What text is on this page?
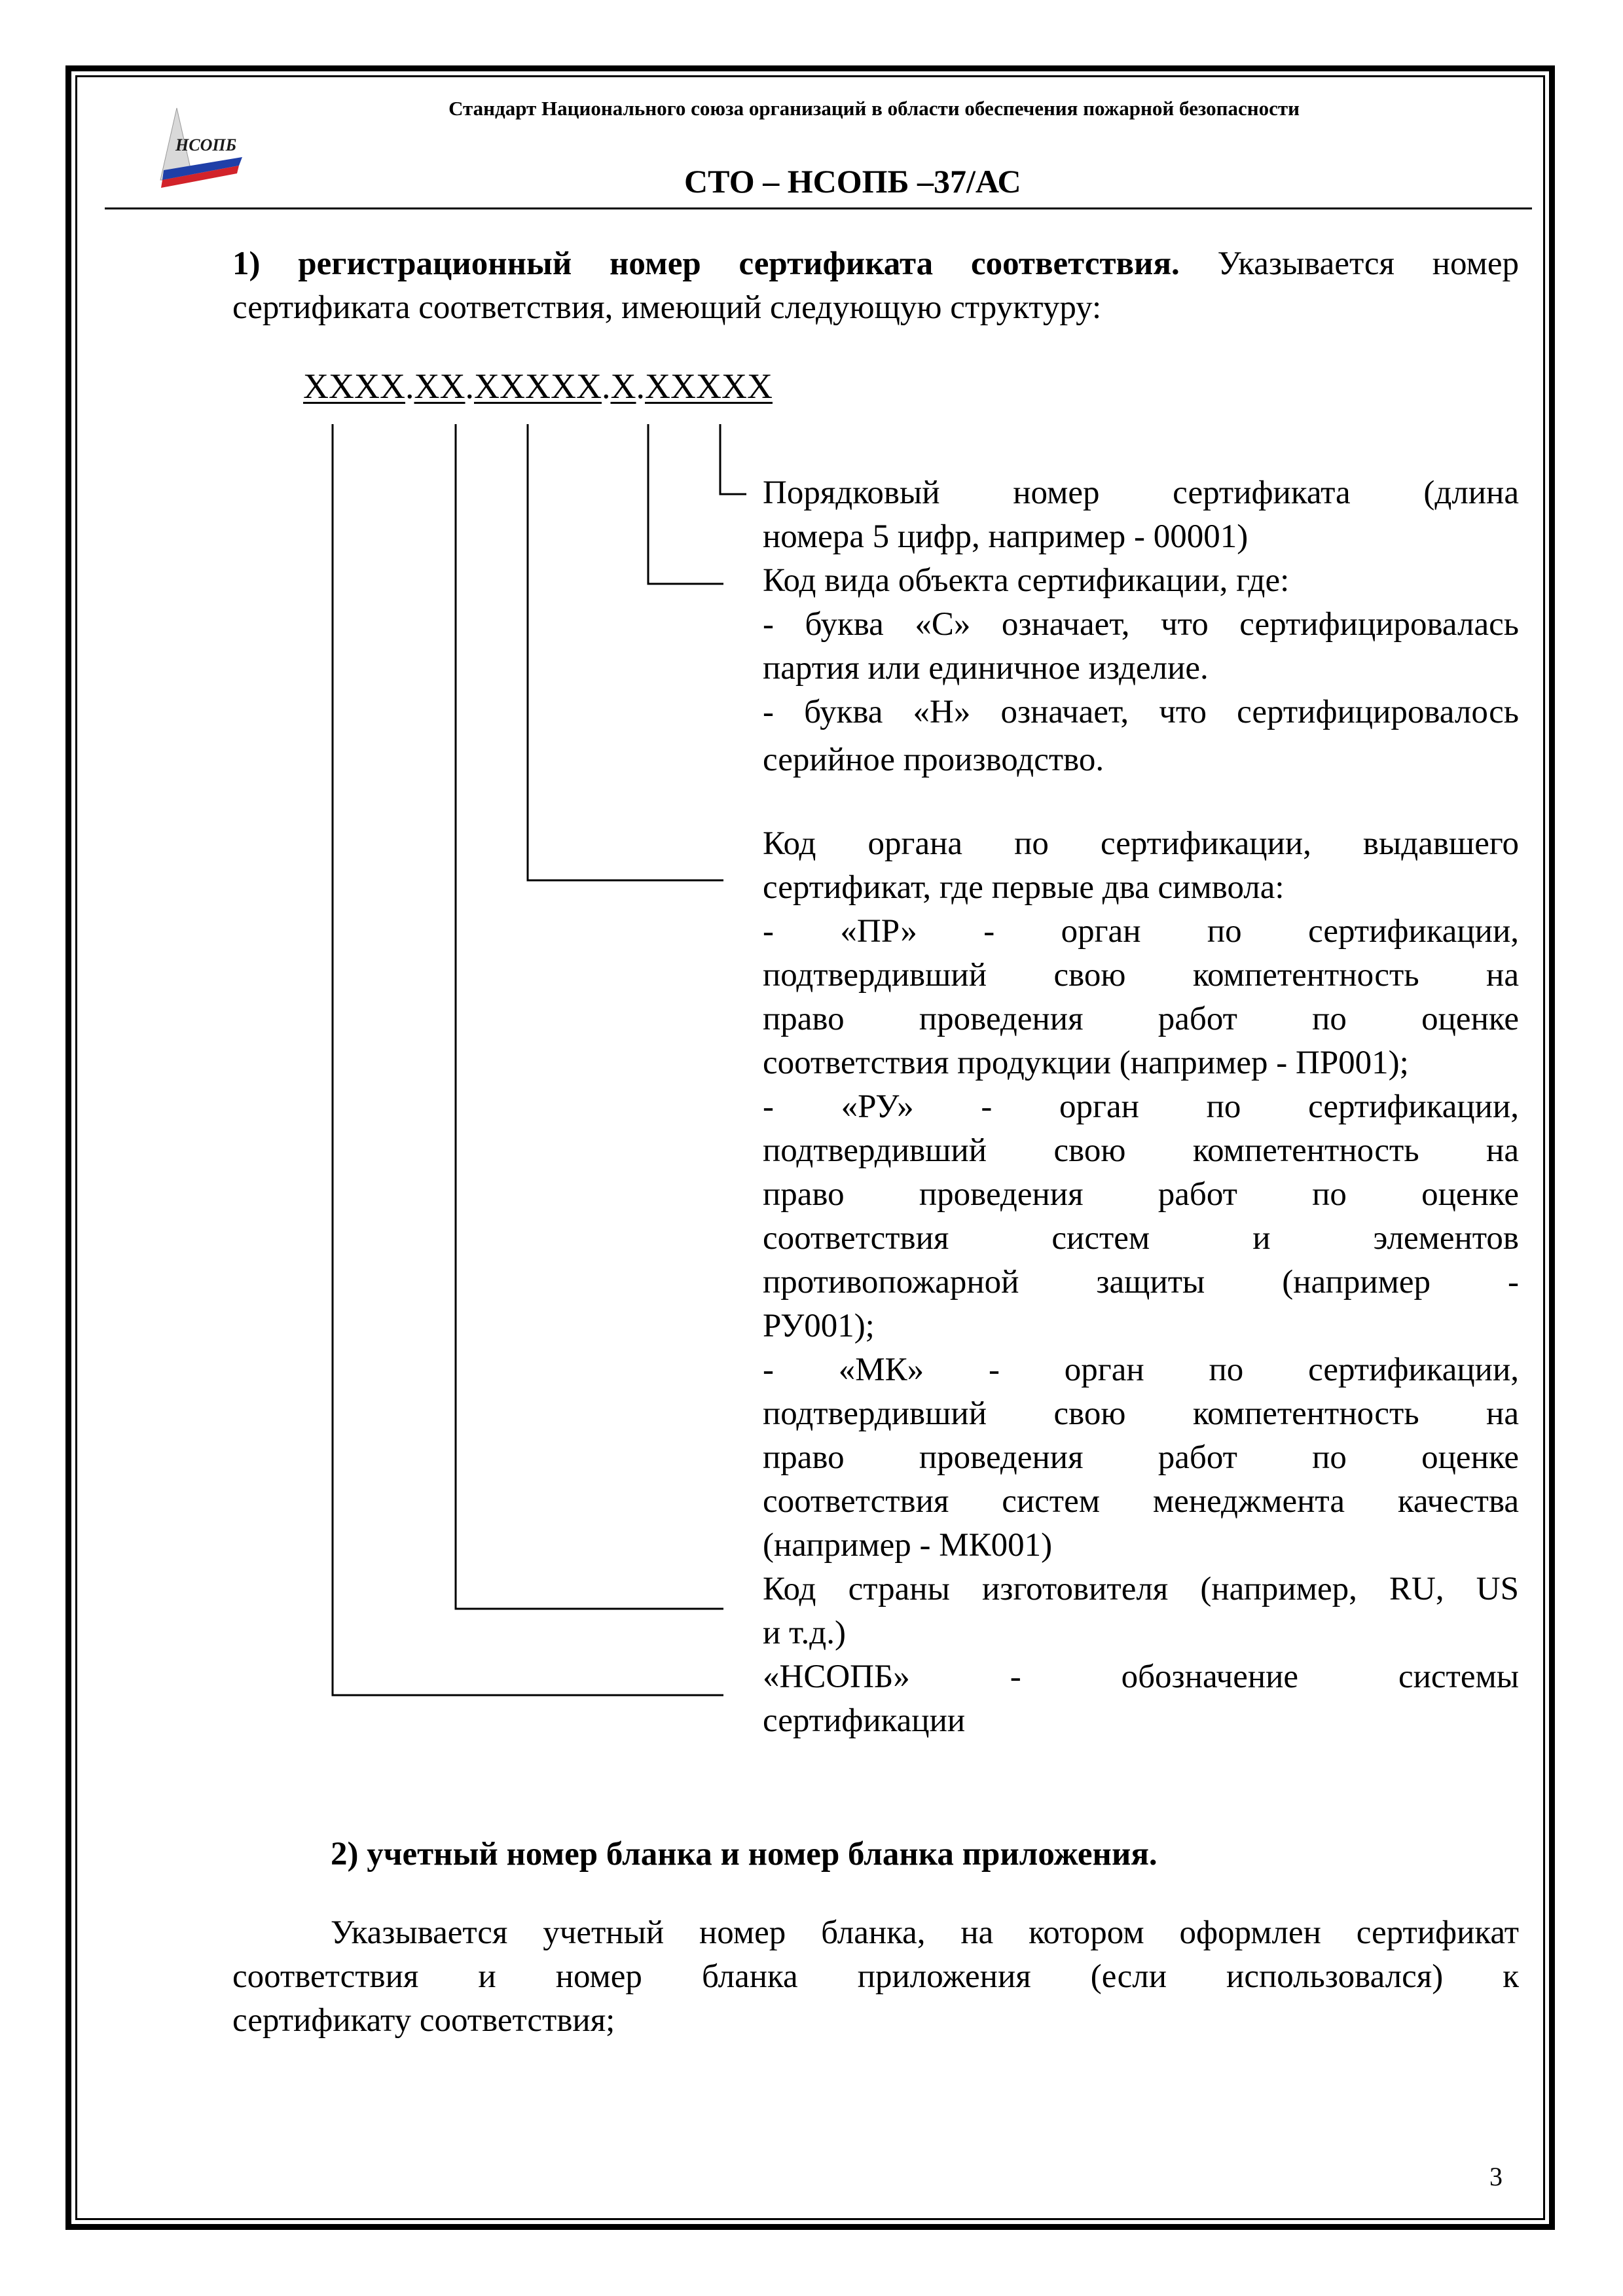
НСОПБ
Стандарт Национального союза организаций в области обеспечения пожарной безопасности
СТО – НСОПБ –37/АС
1) регистрационный номер сертификата соответствия. Указывается номер
сертификата соответствия, имеющий следующую структуру:
XXXX.XX.XXXXX.X.XXXXX
Порядковый номер сертификата (длина
номера 5 цифр, например - 00001)
Код вида объекта сертификации, где:
- буква «С» означает, что сертифицировалась
партия или единичное изделие.
- буква «Н» означает, что сертифицировалось
серийное производство.
Код органа по сертификации, выдавшего
сертификат, где первые два символа:
- «ПР» - орган по сертификации,
подтвердивший свою компетентность на
право проведения работ по оценке
соответствия продукции (например - ПР001);
- «РУ» - орган по сертификации,
подтвердивший свою компетентность на
право проведения работ по оценке
соответствия систем и элементов
противопожарной защиты (например -
РУ001);
- «МК» - орган по сертификации,
подтвердивший свою компетентность на
право проведения работ по оценке
соответствия систем менеджмента качества
(например - МК001)
Код страны изготовителя (например, RU, US
и т.д.)
«НСОПБ» - обозначение системы
сертификации
2) учетный номер бланка и номер бланка приложения.
Указывается учетный номер бланка, на котором оформлен сертификат
соответствия и номер бланка приложения (если использовался) к
сертификату соответствия;
3
